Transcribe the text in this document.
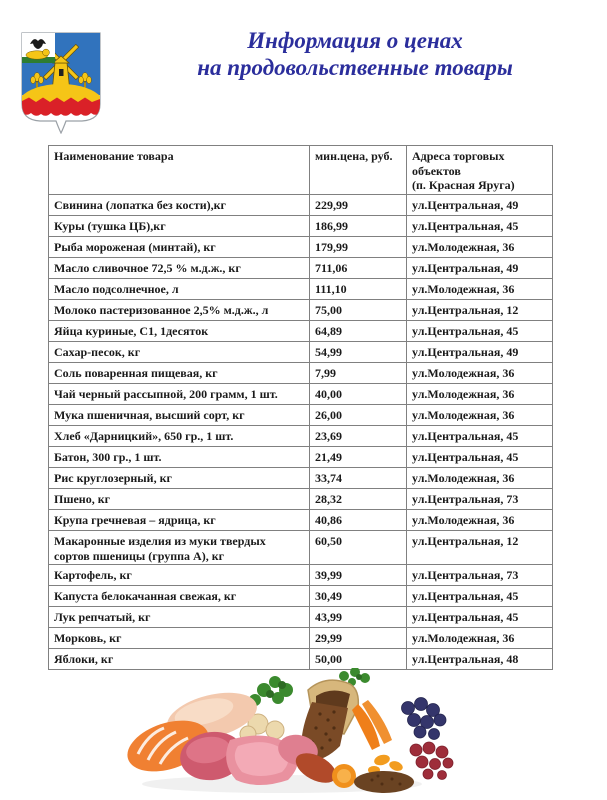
Информация о ценах
на продовольственные товары
Наименование товара	мин.цена, руб.	Адреса торговых
объектов
(п. Красная Яруга)

Свинина (лопатка без кости),кг	229,99	ул.Центральная, 49
Куры (тушка ЦБ),кг	186,99	ул.Центральная, 45
Рыба мороженая (минтай), кг	179,99	ул.Молодежная, 36
Масло сливочное 72,5 % м.д.ж., кг	711,06	ул.Центральная, 49
Масло подсолнечное, л	111,10	ул.Молодежная, 36
Молоко пастеризованное 2,5% м.д.ж., л	75,00	ул.Центральная, 12
Яйца куриные, С1, 1десяток	64,89	ул.Центральная, 45
Сахар-песок, кг	54,99	ул.Центральная, 49
Соль поваренная пищевая, кг	7,99	ул.Молодежная, 36
Чай черный рассыпной, 200 грамм, 1 шт.	40,00	ул.Молодежная, 36
Мука пшеничная, высший сорт, кг	26,00	ул.Молодежная, 36
Хлеб «Дарницкий», 650 гр., 1 шт.	23,69	ул.Центральная, 45
Батон, 300 гр., 1 шт.	21,49	ул.Центральная, 45
Рис круглозерный, кг	33,74	ул.Молодежная, 36
Пшено, кг	28,32	ул.Центральная, 73
Крупа гречневая – ядрица, кг	40,86	ул.Молодежная, 36
Макаронные изделия из муки твердых сортов пшеницы (группа А), кг	60,50	ул.Центральная, 12
Картофель, кг	39,99	ул.Центральная, 73
Капуста белокачанная свежая, кг	30,49	ул.Центральная, 45
Лук репчатый, кг	43,99	ул.Центральная, 45
Морковь, кг	29,99	ул.Молодежная, 36
Яблоки, кг	50,00	ул.Центральная, 48
